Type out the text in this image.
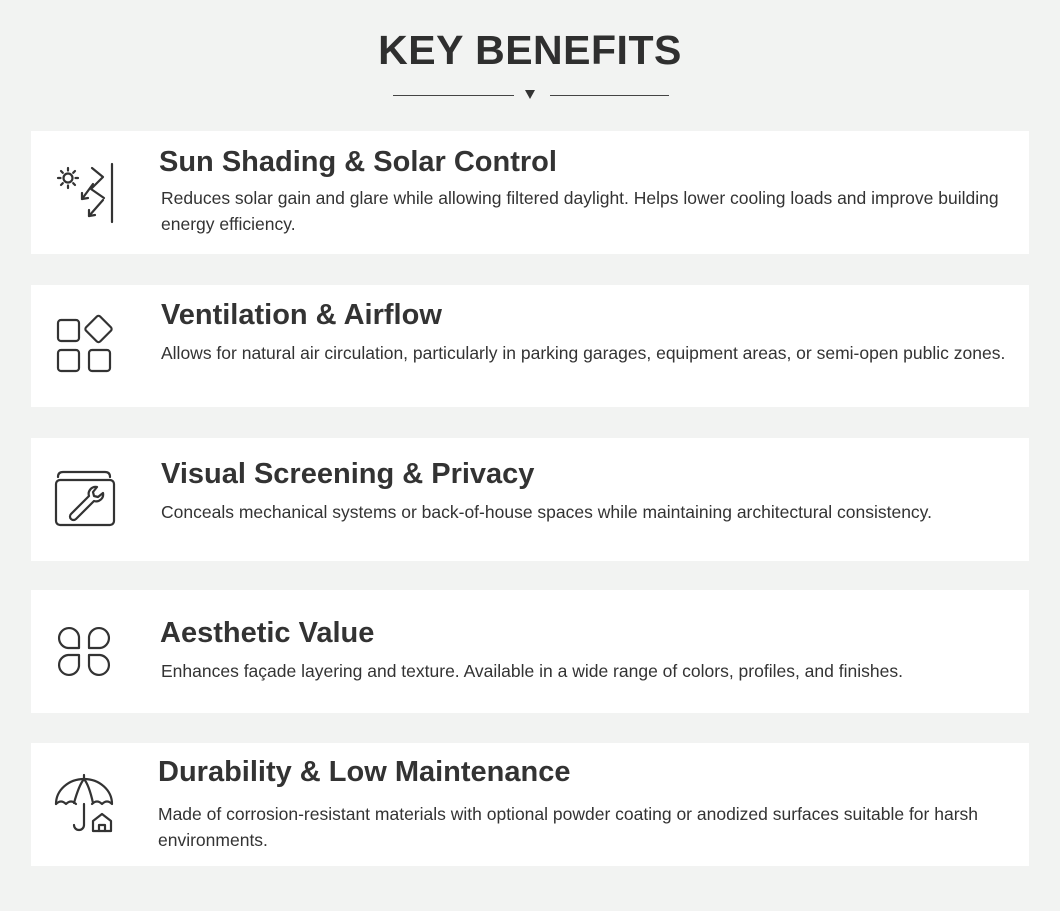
KEY BENEFITS
Sun Shading & Solar Control

Reduces solar gain and glare while allowing filtered daylight. Helps lower cooling loads and improve building energy efficiency.

Ventilation & Airflow

Allows for natural air circulation, particularly in parking garages, equipment areas, or semi-open public zones.

Visual Screening & Privacy

Conceals mechanical systems or back-of-house spaces while maintaining architectural consistency.

Aesthetic Value

Enhances façade layering and texture. Available in a wide range of colors, profiles, and finishes.

Durability & Low Maintenance

Made of corrosion-resistant materials with optional powder coating or anodized surfaces suitable for harsh environments.
